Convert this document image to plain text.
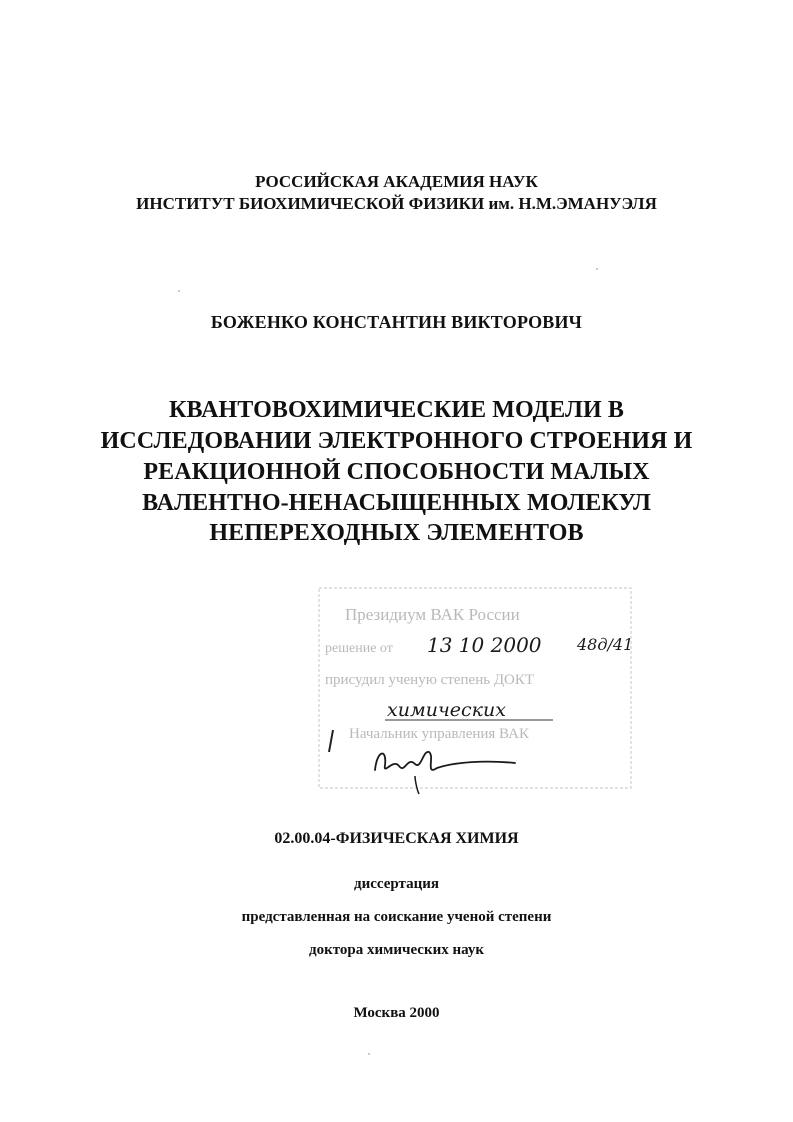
РОССИЙСКАЯ АКАДЕМИЯ НАУК
ИНСТИТУТ БИОХИМИЧЕСКОЙ ФИЗИКИ им. Н.М.ЭМАНУЭЛЯ
БОЖЕНКО КОНСТАНТИН ВИКТОРОВИЧ
КВАНТОВОХИМИЧЕСКИЕ МОДЕЛИ В
ИССЛЕДОВАНИИ ЭЛЕКТРОННОГО СТРОЕНИЯ И
РЕАКЦИОННОЙ СПОСОБНОСТИ МАЛЫХ
ВАЛЕНТНО-НЕНАСЫЩЕННЫХ МОЛЕКУЛ
НЕПЕРЕХОДНЫХ ЭЛЕМЕНТОВ
Президиум ВАК России
решение от
присудил ученую степень ДОКТ
Начальник управления ВАК
13 10 2000 48д/41
химических
02.00.04-ФИЗИЧЕСКАЯ ХИМИЯ
диссертация
представленная на соискание ученой степени
доктора химических наук
Москва 2000
